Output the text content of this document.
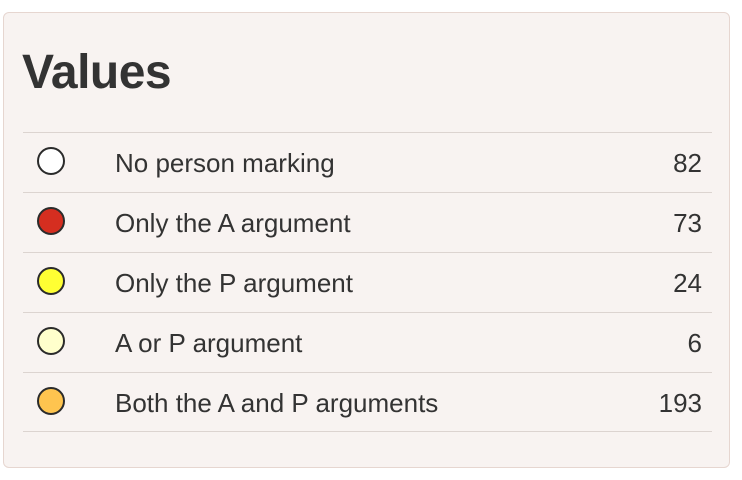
Values
No person marking	82
Only the A argument	73
Only the P argument	24
A or P argument	6
Both the A and P arguments	193
